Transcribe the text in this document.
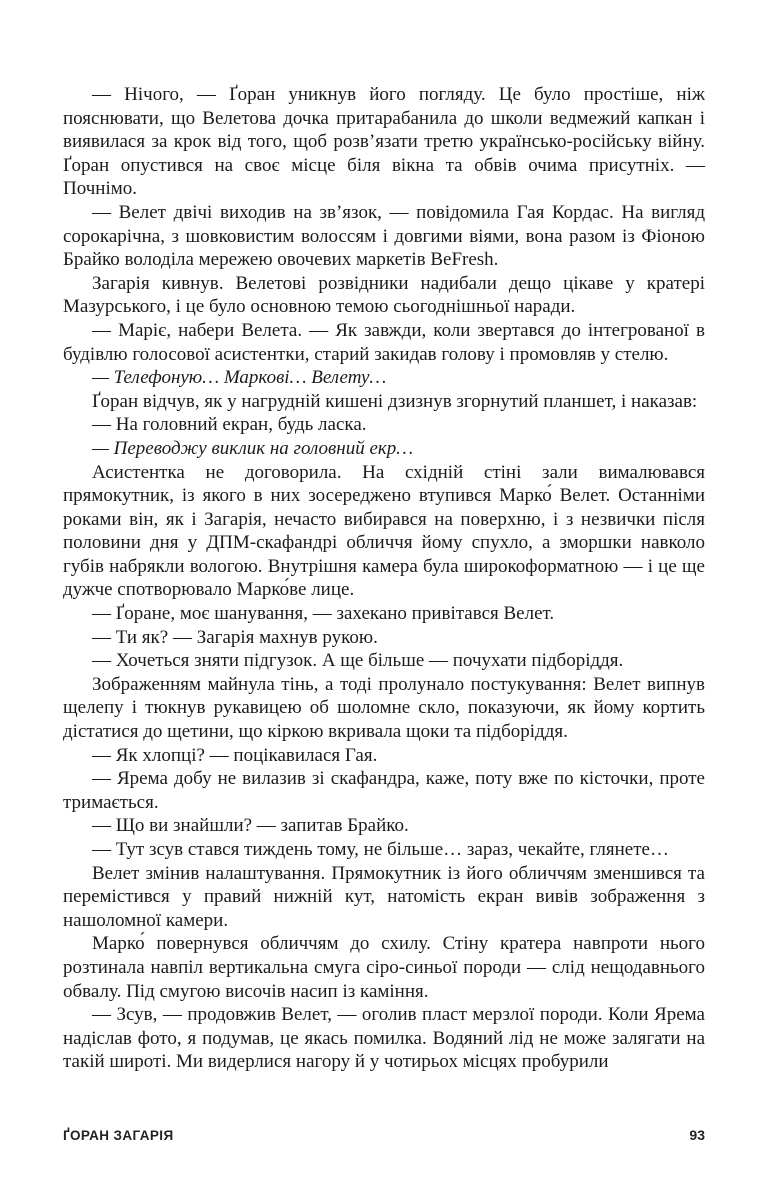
— Нічого, — Ґоран уникнув його погляду. Це було простіше, ніж пояснювати, що Велетова дочка притарабанила до школи ведмежий капкан і виявилася за крок від того, щоб розв’язати третю українсько-російську війну. Ґоран опустився на своє місце біля вікна та обвів очима присутніх. — Почнімо.

— Велет двічі виходив на зв’язок, — повідомила Гая Кордас. На вигляд сорокарічна, з шовковистим волоссям і довгими віями, вона разом із Фіоною Брайко володіла мережею овочевих маркетів BeFresh.

Загарія кивнув. Велетові розвідники надибали дещо цікаве у кратері Мазурського, і це було основною темою сьогоднішньої наради.

— Маріє, набери Велета. — Як завжди, коли звертався до інтегрованої в будівлю голосової асистентки, старий закидав голову і промовляв у стелю.

— Телефоную… Маркові… Велету…

Ґоран відчув, як у нагрудній кишені дзизнув згорнутий планшет, і наказав:

— На головний екран, будь ласка.

— Переводжу виклик на головний екр…

Асистентка не договорила. На східній стіні зали вималювався прямокутник, із якого в них зосереджено втупився Марко́ Велет. Останніми роками він, як і Загарія, нечасто вибирався на поверхню, і з незвички після половини дня у ДПМ-скафандрі обличчя йому спухло, а зморшки навколо губів набрякли вологою. Внутрішня камера була широкоформатною — і це ще дужче спотворювало Марко́ве лице.

— Ґоране, моє шанування, — захекано привітався Велет.

— Ти як? — Загарія махнув рукою.

— Хочеться зняти підгузок. А ще більше — почухати підборіддя.

Зображенням майнула тінь, а тоді пролунало постукування: Велет випнув щелепу і тюкнув рукавицею об шоломне скло, показуючи, як йому кортить дістатися до щетини, що кіркою вкривала щоки та підборіддя.

— Як хлопці? — поцікавилася Гая.

— Ярема добу не вилазив зі скафандра, каже, поту вже по кісточки, проте тримається.

— Що ви знайшли? — запитав Брайко.

— Тут зсув стався тиждень тому, не більше… зараз, чекайте, глянете…

Велет змінив налаштування. Прямокутник із його обличчям зменшився та перемістився у правий нижній кут, натомість екран вивів зображення з нашоломної камери.

Марко́ повернувся обличчям до схилу. Стіну кратера навпроти нього розтинала навпіл вертикальна смуга сіро-синьої породи — слід нещодавнього обвалу. Під смугою височів насип із каміння.

— Зсув, — продовжив Велет, — оголив пласт мерзлої породи. Коли Ярема надіслав фото, я подумав, це якась помилка. Водяний лід не може залягати на такій широті. Ми видерлися нагору й у чотирьох місцях пробурили

ҐОРАН ЗАГАРІЯ	93
